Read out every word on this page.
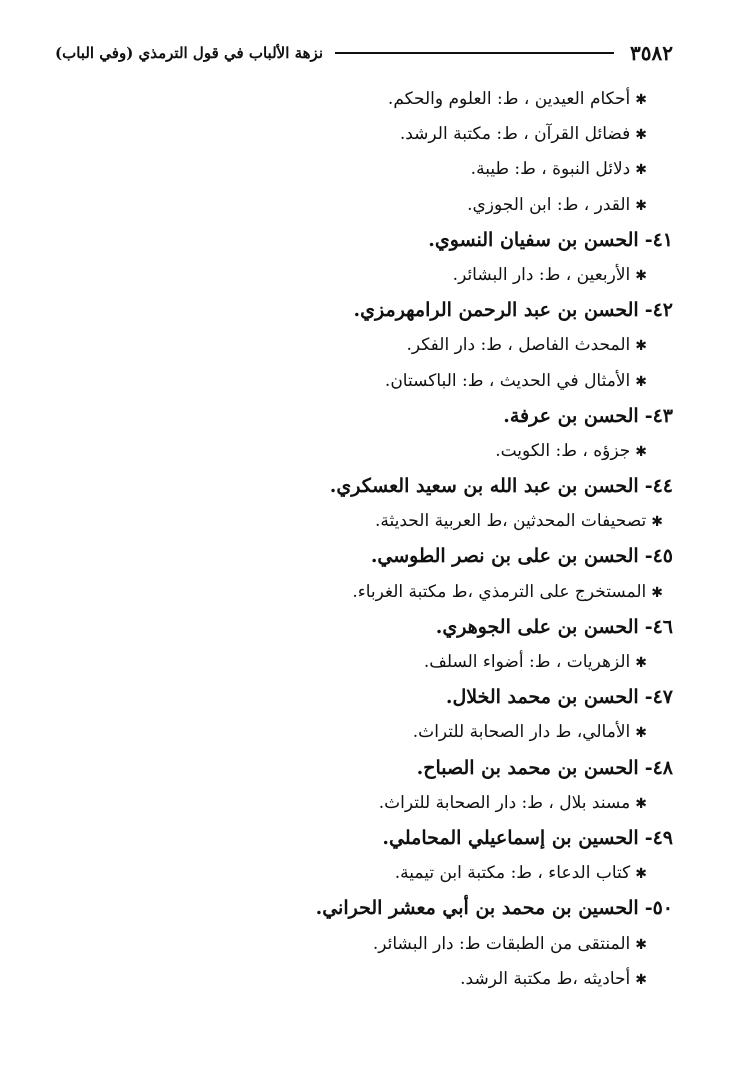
٣٥٨٢
نزهة الألباب في قول الترمذي (وفي الباب)
✱أحكام العيدين ، ط: العلوم والحكم.
✱فضائل القرآن ، ط: مكتبة الرشد.
✱دلائل النبوة ، ط: طيبة.
✱القدر ، ط: ابن الجوزي.
٤١-الحسن بن سفيان النسوي.
✱الأربعين ، ط: دار البشائر.
٤٢-الحسن بن عبد الرحمن الرامهرمزي.
✱المحدث الفاصل ، ط: دار الفكر.
✱الأمثال في الحديث ، ط: الباكستان.
٤٣-الحسن بن عرفة.
✱جزؤه ، ط: الكويت.
٤٤-الحسن بن عبد الله بن سعيد العسكري.
✱تصحيفات المحدثين ،ط العربية الحديثة.
٤٥-الحسن بن على بن نصر الطوسي.
✱المستخرج على الترمذي ،ط مكتبة الغرباء.
٤٦-الحسن بن على الجوهري.
✱الزهريات ، ط: أضواء السلف.
٤٧-الحسن بن محمد الخلال.
✱الأمالي، ط دار الصحابة للتراث.
٤٨-الحسن بن محمد بن الصباح.
✱مسند بلال ، ط: دار الصحابة للتراث.
٤٩-الحسين بن إسماعيلي المحاملي.
✱كتاب الدعاء ، ط: مكتبة ابن تيمية.
٥٠-الحسين بن محمد بن أبي معشر الحراني.
✱المنتقى من الطبقات ط: دار البشائر.
✱أحاديثه ،ط مكتبة الرشد.
